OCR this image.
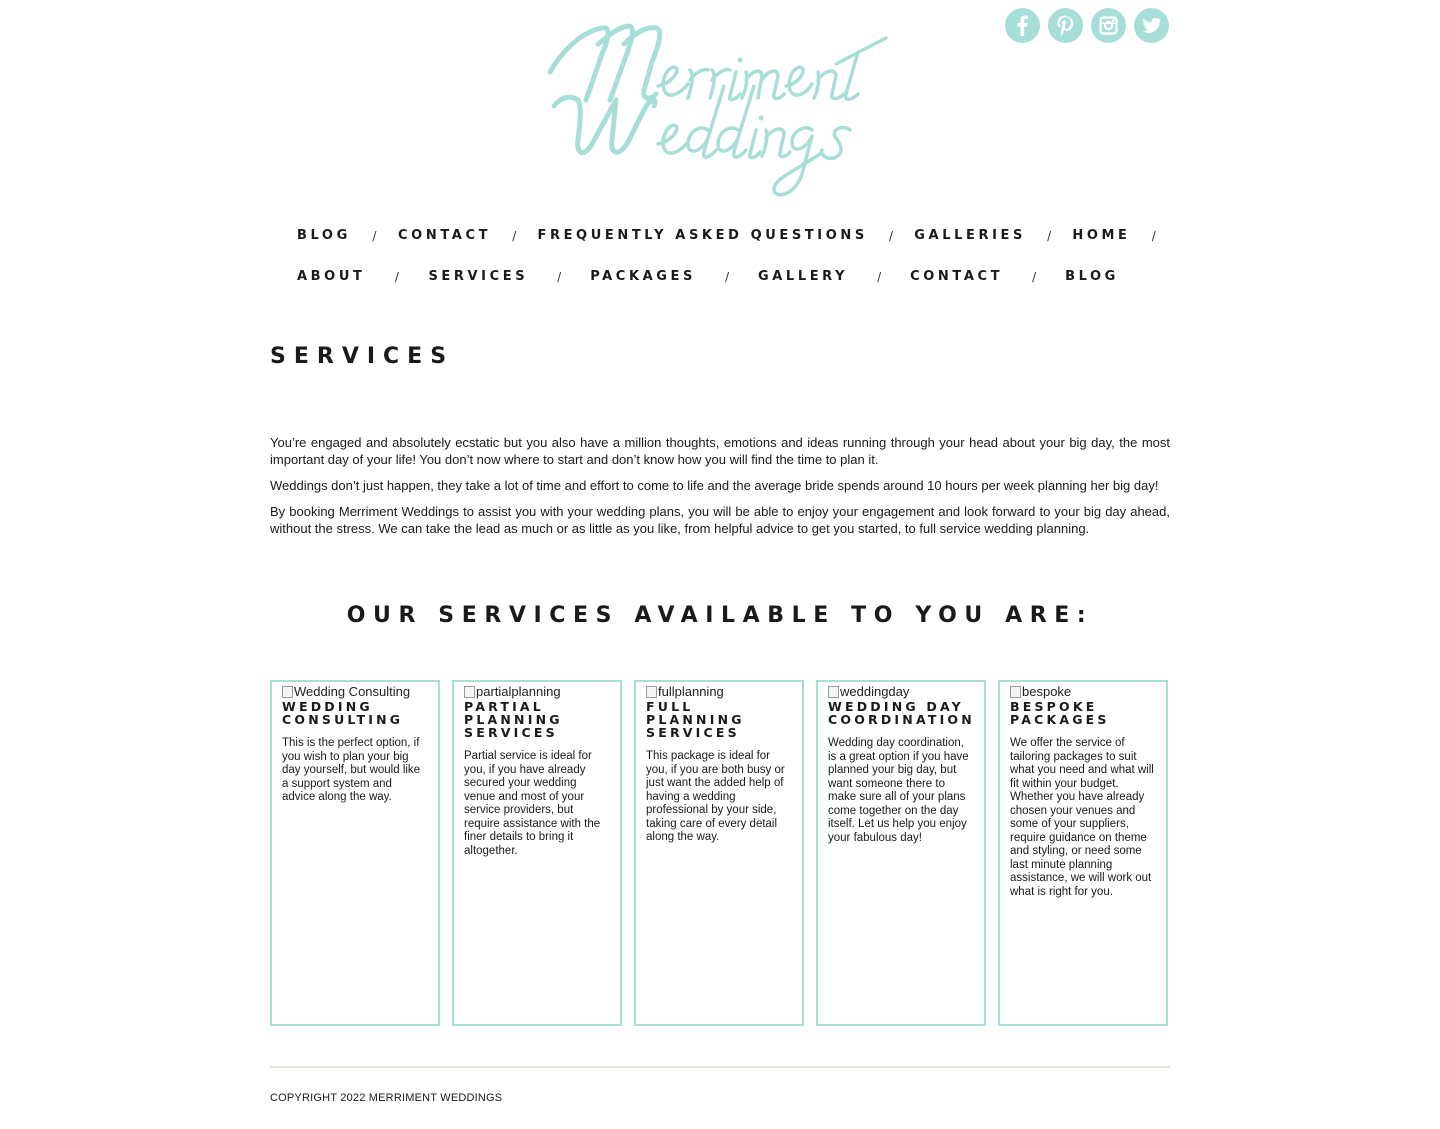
BLOG	/	CONTACT	/	FREQUENTLY ASKED QUESTIONS	/	GALLERIES	/	HOME	/
ABOUT	/	SERVICES	/	PACKAGES	/	GALLERY	/	CONTACT	/	BLOG
SERVICES

You’re engaged and absolutely ecstatic but you also have a million thoughts, emotions and ideas running through your head about your big day, the most important day of your life! You don’t now where to start and don’t know how you will find the time to plan it.

Weddings don’t just happen, they take a lot of time and effort to come to life and the average bride spends around 10 hours per week planning her big day!

By booking Merriment Weddings to assist you with your wedding plans, you will be able to enjoy your engagement and look forward to your big day ahead, without the stress. We can take the lead as much or as little as you like, from helpful advice to get you started, to full service wedding planning.

OUR SERVICES AVAILABLE TO YOU ARE:
Wedding Consulting
WEDDING CONSULTING
This is the perfect option, if you wish to plan your big day yourself, but would like a support system and advice along the way.
partialplanning
PARTIAL PLANNING SERVICES
Partial service is ideal for you, if you have already secured your wedding venue and most of your service providers, but require assistance with the finer details to bring it altogether.
fullplanning
FULL PLANNING SERVICES
This package is ideal for you, if you are both busy or just want the added help of having a wedding professional by your side, taking care of every detail along the way.
weddingday
WEDDING DAY COORDINATION
Wedding day coordination, is a great option if you have planned your big day, but want someone there to make sure all of your plans come together on the day itself. Let us help you enjoy your fabulous day!
bespoke
BESPOKE PACKAGES
We offer the service of tailoring packages to suit what you need and what will fit within your budget. Whether you have already chosen your venues and some of your suppliers, require guidance on theme and styling, or need some last minute planning assistance, we will work out what is right for you.
COPYRIGHT 2022 MERRIMENT WEDDINGS
